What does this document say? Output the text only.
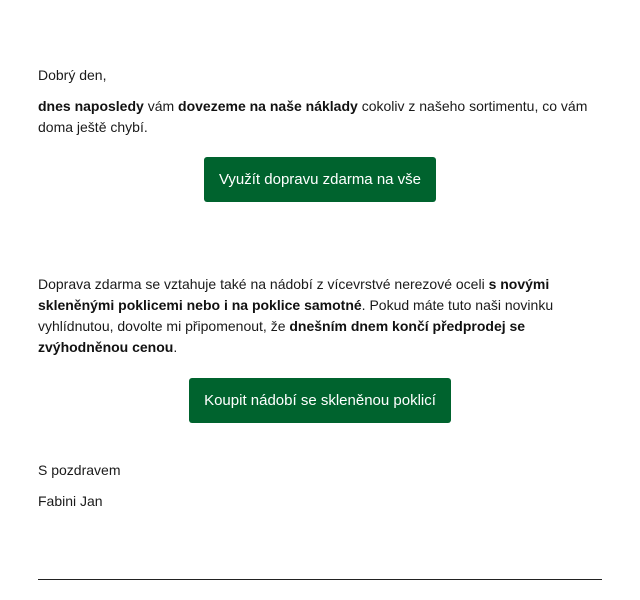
Dobrý den,

dnes naposledy vám dovezeme na naše náklady cokoliv z našeho sortimentu, co vám doma ještě chybí.

Využít dopravu zdarma na vše

Doprava zdarma se vztahuje také na nádobí z vícevrstvé nerezové oceli s novými skleněnými poklicemi nebo i na poklice samotné. Pokud máte tuto naši novinku vyhlídnutou, dovolte mi připomenout, že dnešním dnem končí předprodej se zvýhodněnou cenou.

Koupit nádobí se skleněnou poklicí

S pozdravem

Fabini Jan
